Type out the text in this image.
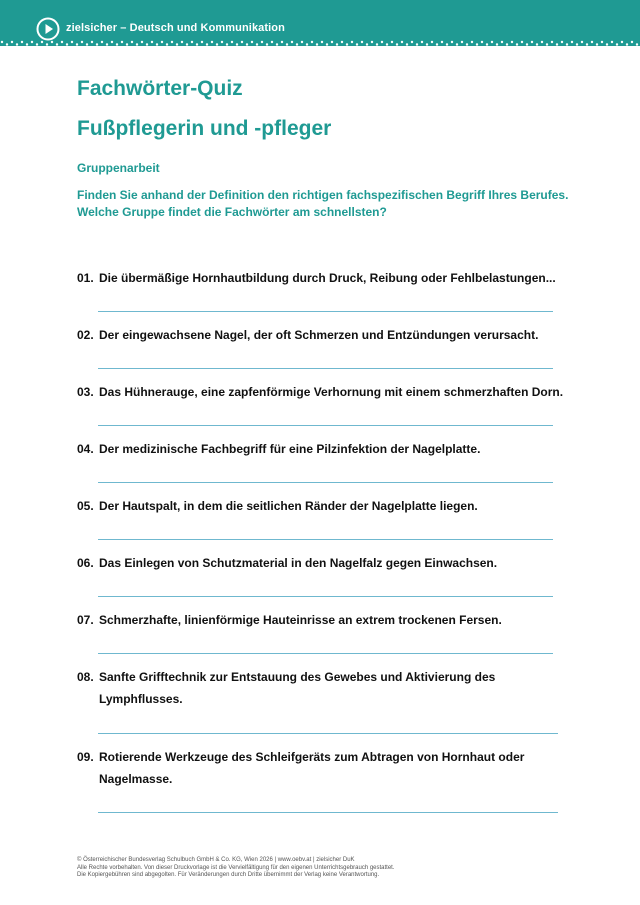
zielsicher – Deutsch und Kommunikation
Fachwörter-Quiz
Fußpflegerin und -pfleger
Gruppenarbeit
Finden Sie anhand der Definition den richtigen fachspezifischen Begriff Ihres Berufes. Welche Gruppe findet die Fachwörter am schnellsten?
01. Die übermäßige Hornhautbildung durch Druck, Reibung oder Fehlbelastungen...
02. Der eingewachsene Nagel, der oft Schmerzen und Entzündungen verursacht.
03. Das Hühnerauge, eine zapfenförmige Verhornung mit einem schmerzhaften Dorn.
04. Der medizinische Fachbegriff für eine Pilzinfektion der Nagelplatte.
05. Der Hautspalt, in dem die seitlichen Ränder der Nagelplatte liegen.
06. Das Einlegen von Schutzmaterial in den Nagelfalz gegen Einwachsen.
07. Schmerzhafte, linienförmige Hauteinrisse an extrem trockenen Fersen.
08. Sanfte Grifftechnik zur Entstauung des Gewebes und Aktivierung des Lymphflusses.
09. Rotierende Werkzeuge des Schleifgeräts zum Abtragen von Hornhaut oder Nagelmasse.
© Österreichischer Bundesverlag Schulbuch GmbH & Co. KG, Wien 2026 | www.oebv.at | zielsicher DuK
Alle Rechte vorbehalten. Von dieser Druckvorlage ist die Vervielfältigung für den eigenen Unterrichtsgebrauch gestattet.
Die Kopiergebühren sind abgegolten. Für Veränderungen durch Dritte übernimmt der Verlag keine Verantwortung.
